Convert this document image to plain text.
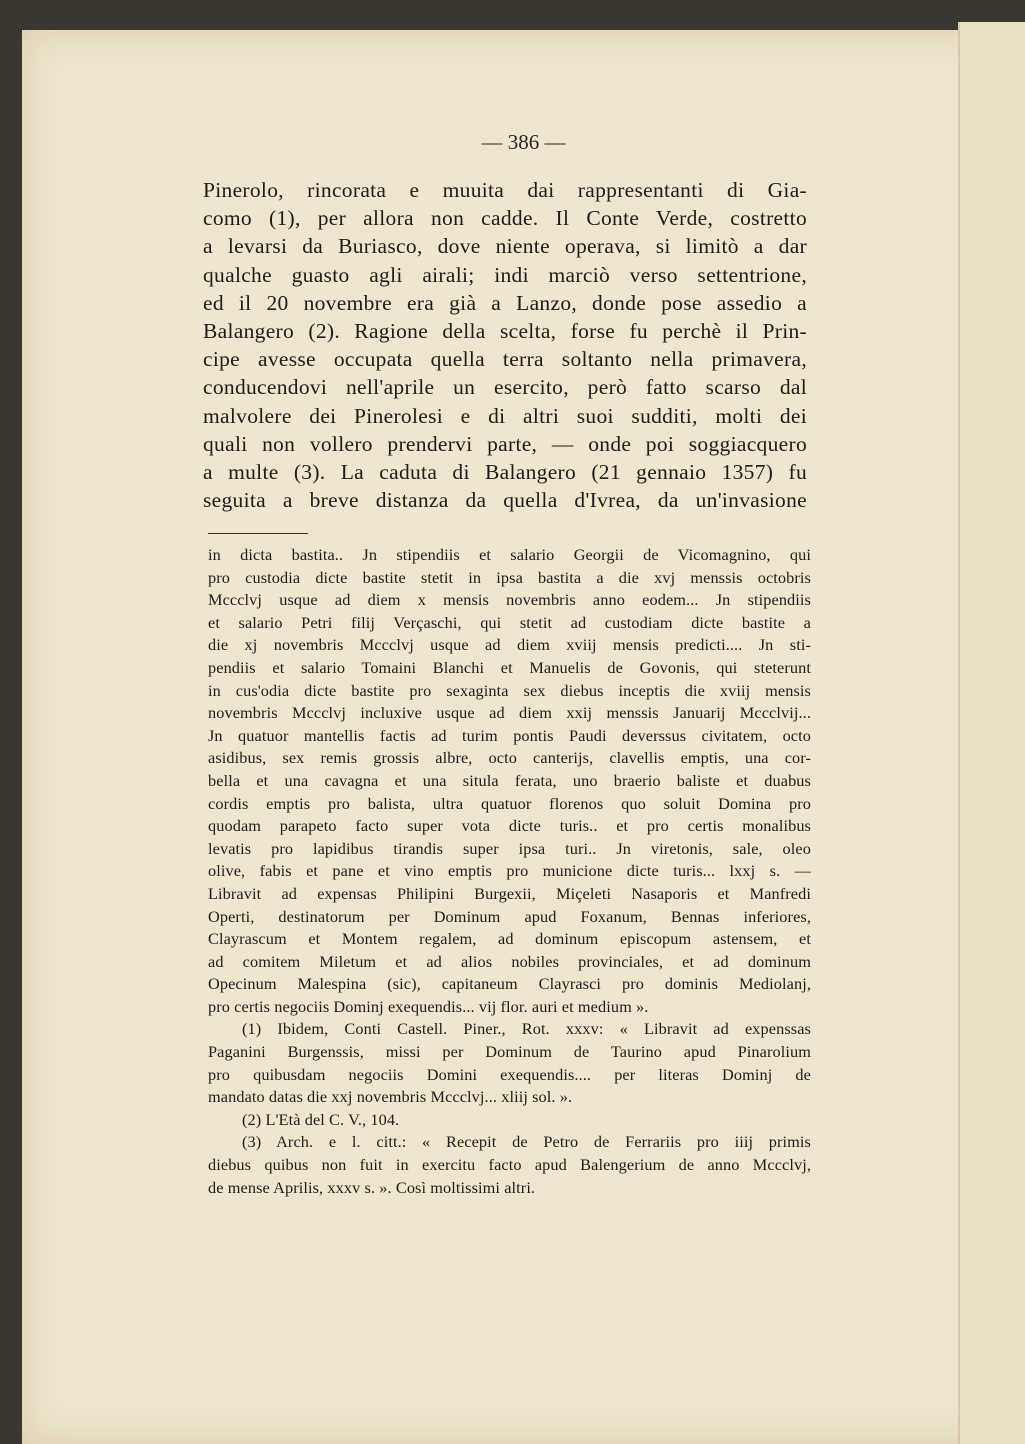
— 386 —
Pinerolo, rincorata e muuita dai rappresentanti di Gia-
como (1), per allora non cadde. Il Conte Verde, costretto
a levarsi da Buriasco, dove niente operava, si limitò a dar
qualche guasto agli airali; indi marciò verso settentrione,
ed il 20 novembre era già a Lanzo, donde pose assedio a
Balangero (2). Ragione della scelta, forse fu perchè il Prin-
cipe avesse occupata quella terra soltanto nella primavera,
conducendovi nell'aprile un esercito, però fatto scarso dal
malvolere dei Pinerolesi e di altri suoi sudditi, molti dei
quali non vollero prendervi parte, — onde poi soggiacquero
a multe (3). La caduta di Balangero (21 gennaio 1357) fu
seguita a breve distanza da quella d'Ivrea, da un'invasione
in dicta bastita.. Jn stipendiis et salario Georgii de Vicomagnino, qui
pro custodia dicte bastite stetit in ipsa bastita a die xvj menssis octobris
Mccclvj usque ad diem x mensis novembris anno eodem... Jn stipendiis
et salario Petri filij Verçaschi, qui stetit ad custodiam dicte bastite a
die xj novembris Mccclvj usque ad diem xviij mensis predicti.... Jn sti-
pendiis et salario Tomaini Blanchi et Manuelis de Govonis, qui steterunt
in cus'odia dicte bastite pro sexaginta sex diebus inceptis die xviij mensis
novembris Mccclvj incluxive usque ad diem xxij menssis Januarij Mccclvij...
Jn quatuor mantellis factis ad turim pontis Paudi deverssus civitatem, octo
asidibus, sex remis grossis albre, octo canterijs, clavellis emptis, una cor-
bella et una cavagna et una situla ferata, uno braerio baliste et duabus
cordis emptis pro balista, ultra quatuor florenos quo soluit Domina pro
quodam parapeto facto super vota dicte turis.. et pro certis monalibus
levatis pro lapidibus tirandis super ipsa turi.. Jn viretonis, sale, oleo
olive, fabis et pane et vino emptis pro municione dicte turis... lxxj s. —
Libravit ad expensas Philipini Burgexii, Miçeleti Nasaporis et Manfredi
Operti, destinatorum per Dominum apud Foxanum, Bennas inferiores,
Clayrascum et Montem regalem, ad dominum episcopum astensem, et
ad comitem Miletum et ad alios nobiles provinciales, et ad dominum
Opecinum Malespina (sic), capitaneum Clayrasci pro dominis Mediolanj,
pro certis negociis Dominj exequendis... vij flor. auri et medium ».
(1) Ibidem, Conti Castell. Piner., Rot. xxxv: « Libravit ad expenssas
Paganini Burgenssis, missi per Dominum de Taurino apud Pinarolium
pro quibusdam negociis Domini exequendis.... per literas Dominj de
mandato datas die xxj novembris Mccclvj... xliij sol. ».
(2) L'Età del C. V., 104.
(3) Arch. e l. citt.: « Recepit de Petro de Ferrariis pro iiij primis
diebus quibus non fuit in exercitu facto apud Balengerium de anno Mccclvj,
de mense Aprilis, xxxv s. ». Così moltissimi altri.
